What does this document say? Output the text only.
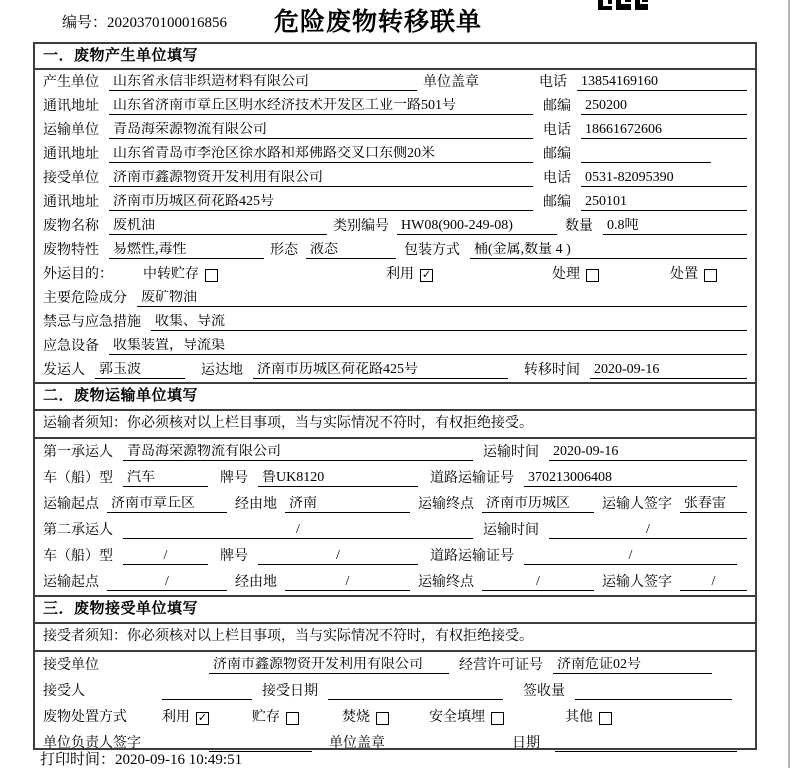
编号：2020370100016856	危险废物转移联单
一．废物产生单位填写
产生单位 山东省永信非织造材料有限公司	单位盖章	电话 13854169160
通讯地址 山东省济南市章丘区明水经济技术开发区工业一路501号	邮编 250200
运输单位 青岛海荣源物流有限公司	电话 18661672606
通讯地址 山东省青岛市李沧区徐水路和郑佛路交叉口东侧20米	邮编
接受单位 济南市鑫源物资开发利用有限公司	电话 0531-82095390
通讯地址 济南市历城区荷花路425号	邮编 250101
废物名称 废机油	类别编号 HW08(900-249-08)	数量 0.8吨
废物特性 易燃性,毒性	形态 液态	包装方式 桶(金属,数量 4 )
外运目的： 中转贮存	利用 ✓	处理	处置
主要危险成分 废矿物油
禁忌与应急措施 收集、导流
应急设备 收集装置，导流渠
发运人 郭玉波	运达地 济南市历城区荷花路425号	转移时间 2020-09-16
二．废物运输单位填写
运输者须知：你必须核对以上栏目事项，当与实际情况不符时，有权拒绝接受。
第一承运人 青岛海荣源物流有限公司	运输时间 2020-09-16
车（船）型 汽车	牌号 鲁UK8120	道路运输证号 370213006408
运输起点 济南市章丘区	经由地 济南	运输终点 济南市历城区	运输人签字 张春雷
第二承运人	/	运输时间	/
车（船）型	/	牌号	/	道路运输证号	/
运输起点	/	经由地	/	运输终点	/	运输人签字	/
三．废物接受单位填写
接受者须知：你必须核对以上栏目事项，当与实际情况不符时，有权拒绝接受。
接受单位	济南市鑫源物资开发利用有限公司	经营许可证号 济南危证02号
接受人	接受日期	签收量
废物处置方式	利用 ✓	贮存	焚烧	安全填埋	其他
单位负责人签字	单位盖章	日期
打印时间：2020-09-16 10:49:51
